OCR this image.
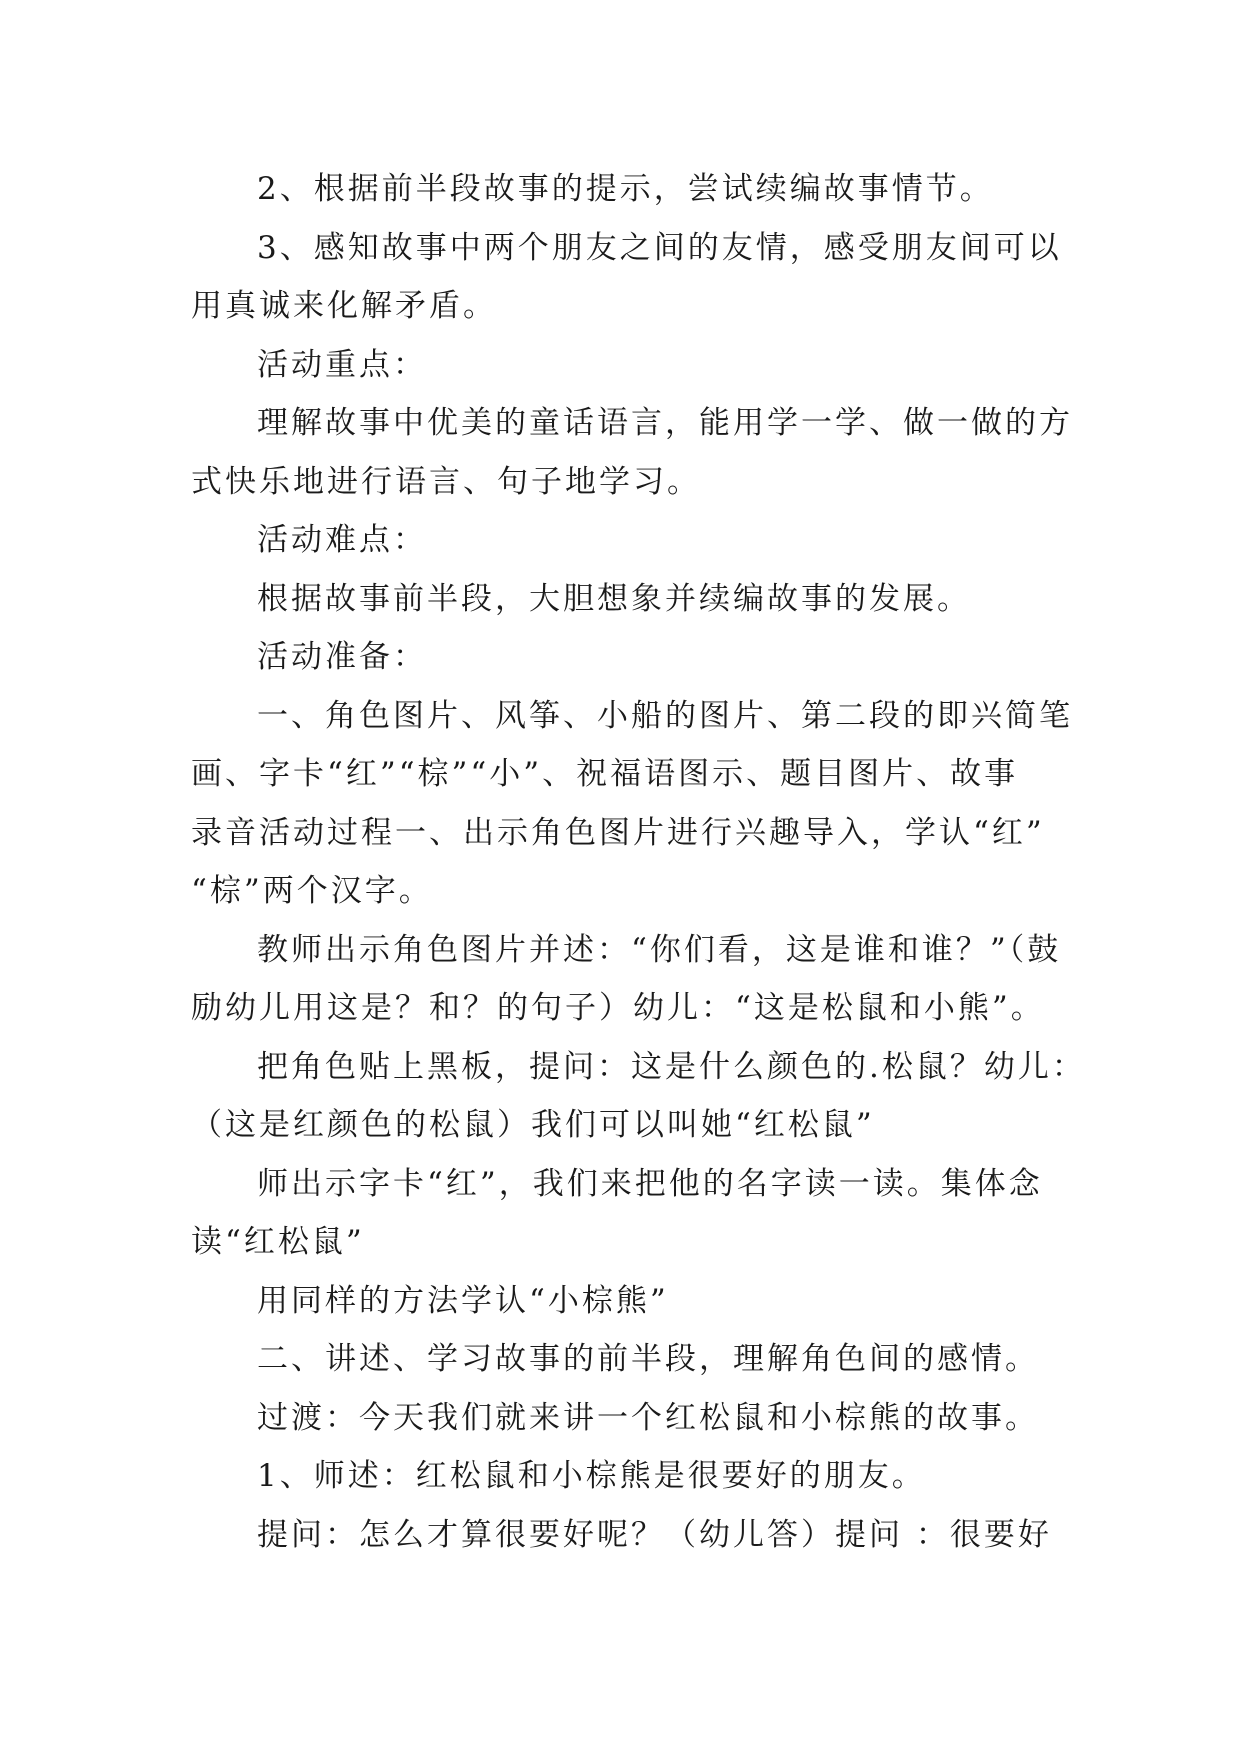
2、根据前半段故事的提示，尝试续编故事情节。
3、感知故事中两个朋友之间的友情，感受朋友间可以
用真诚来化解矛盾。
活动重点：
理解故事中优美的童话语言，能用学一学、做一做的方
式快乐地进行语言、句子地学习。
活动难点：
根据故事前半段，大胆想象并续编故事的发展。
活动准备：
一、角色图片、风筝、小船的图片、第二段的即兴简笔
画、字卡“红”“棕”“小”、祝福语图示、题目图片、故事
录音活动过程一、出示角色图片进行兴趣导入，学认“红”
“棕”两个汉字。
教师出示角色图片并述：“你们看，这是谁和谁？”（鼓
励幼儿用这是？和？的句子）幼儿：“这是松鼠和小熊”。
把角色贴上黑板，提问：这是什么颜色的.松鼠？幼儿：
（这是红颜色的松鼠）我们可以叫她“红松鼠”
师出示字卡“红”，我们来把他的名字读一读。集体念
读“红松鼠”
用同样的方法学认“小棕熊”
二、讲述、学习故事的前半段，理解角色间的感情。
过渡：今天我们就来讲一个红松鼠和小棕熊的故事。
1、师述：红松鼠和小棕熊是很要好的朋友。
提问：怎么才算很要好呢？（幼儿答）提问 ：很要好
